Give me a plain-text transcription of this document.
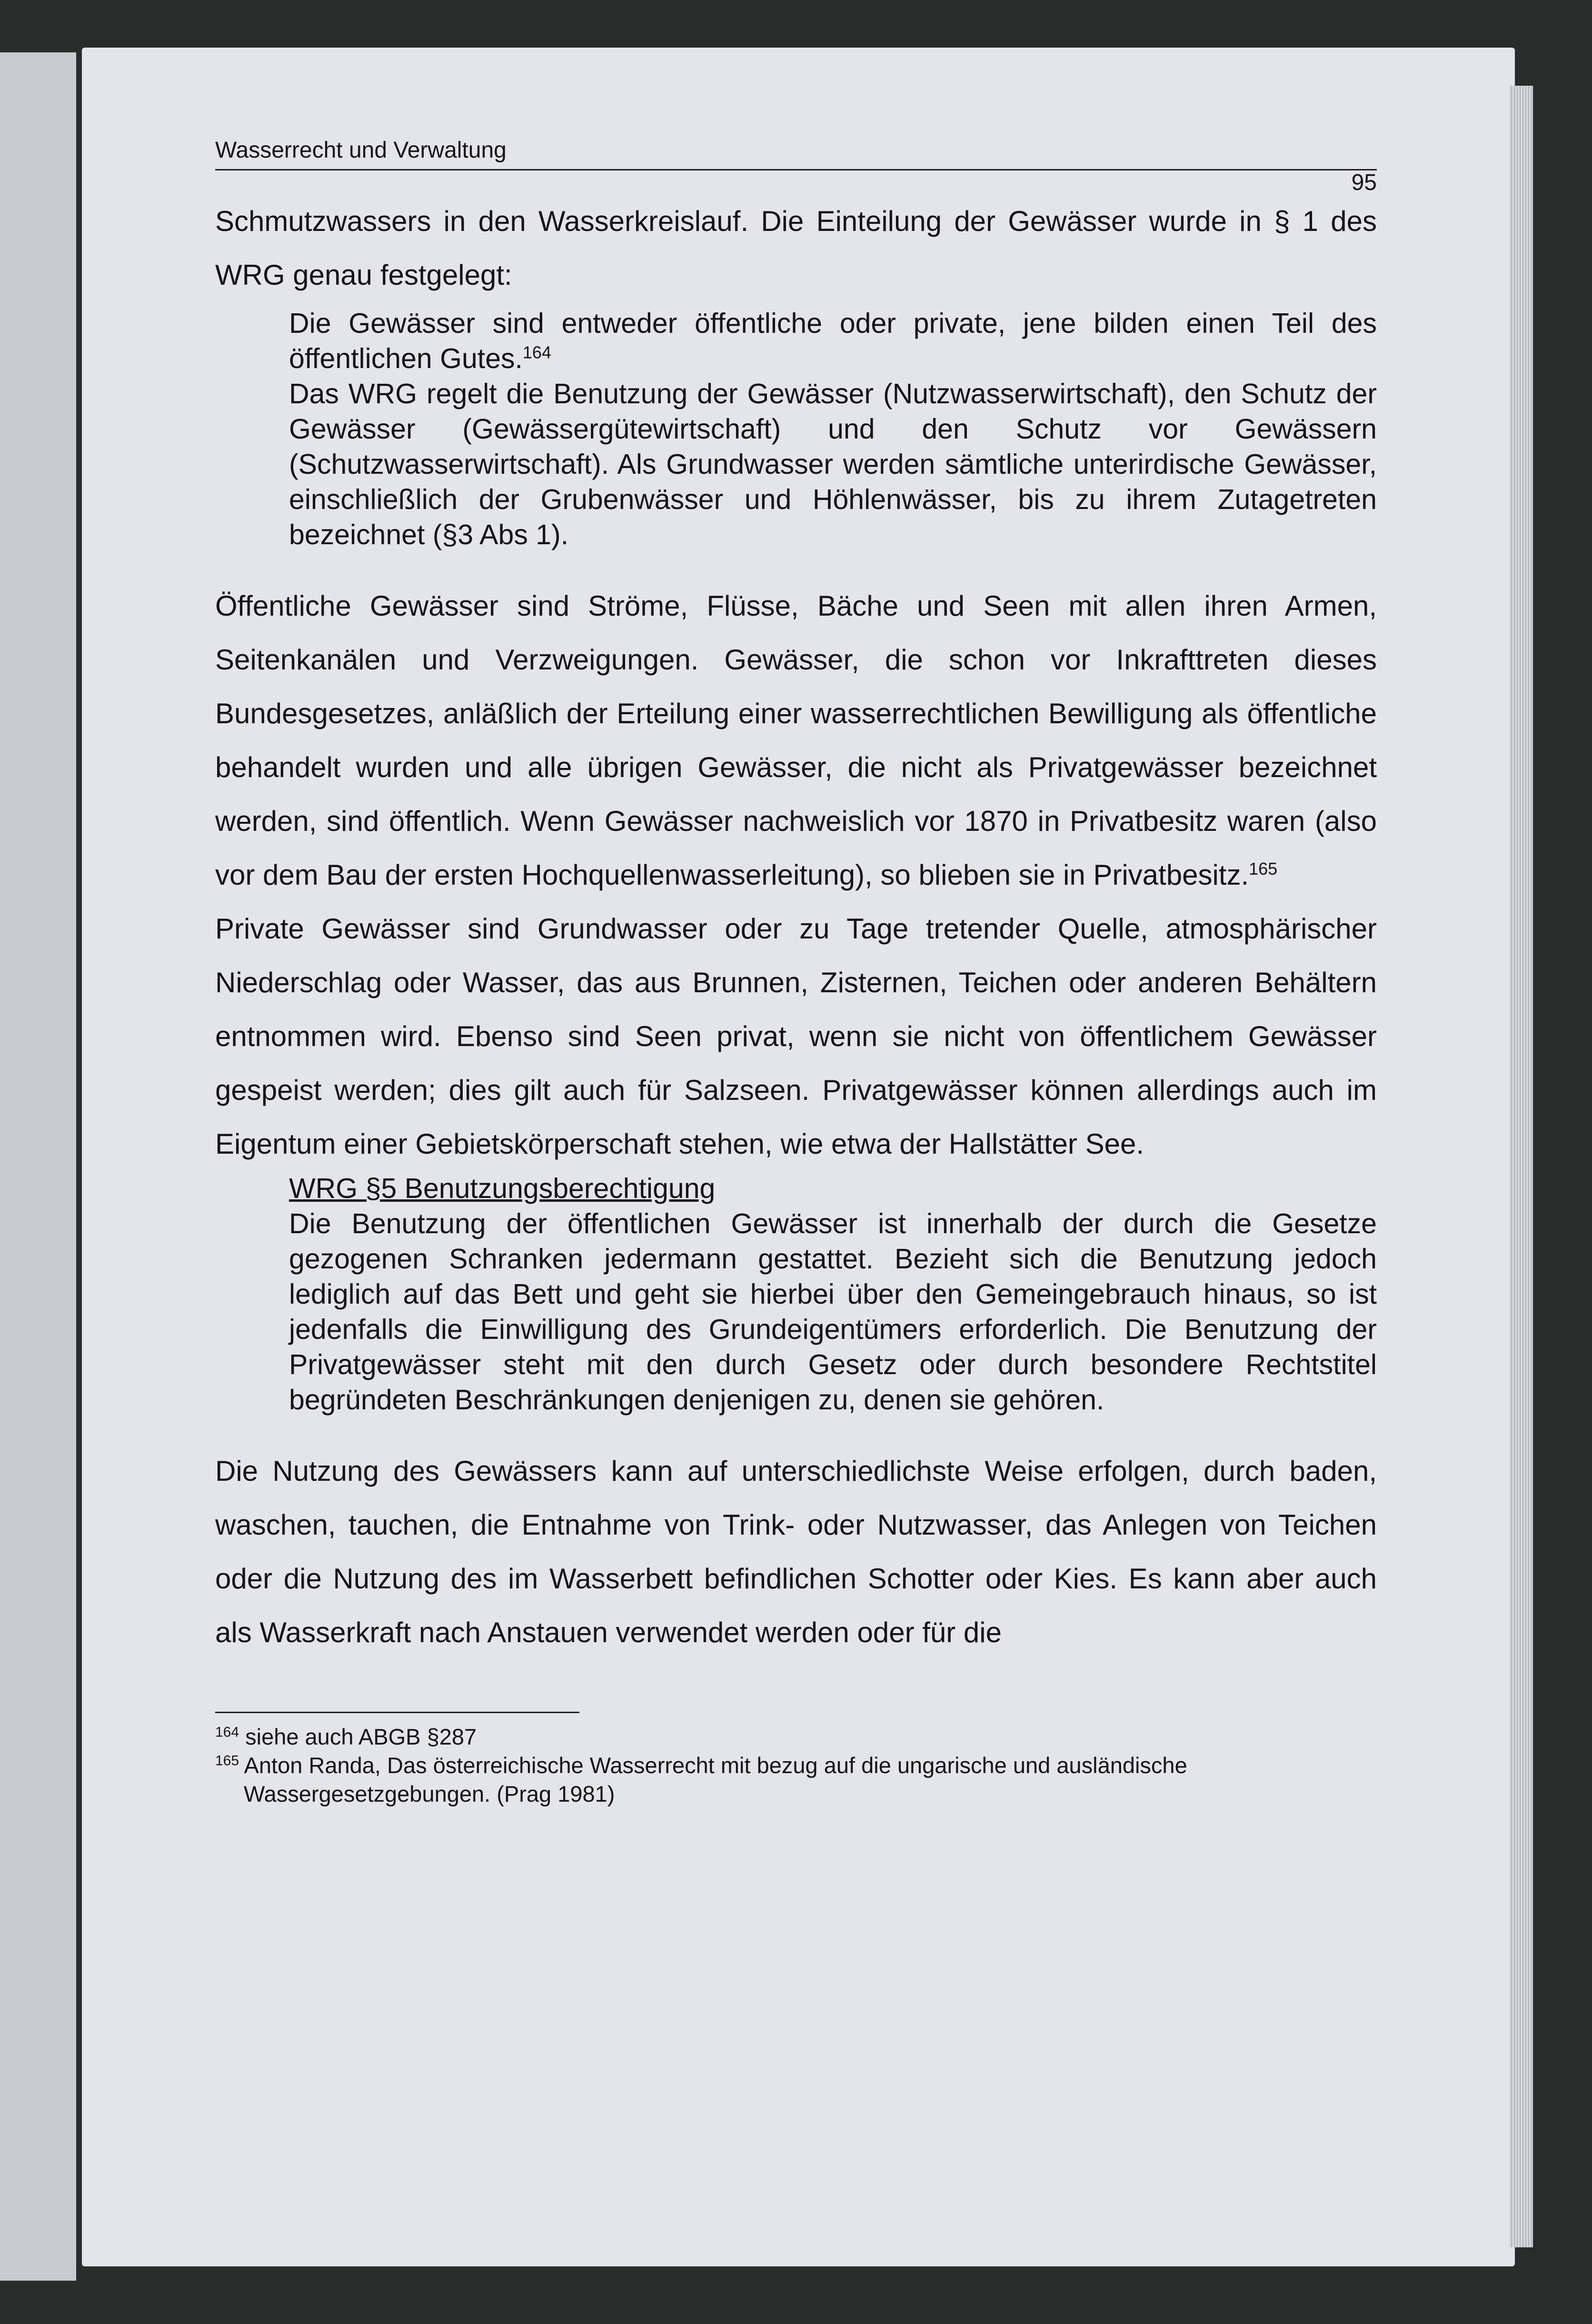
Wasserrecht und Verwaltung
95

Schmutzwassers in den Wasserkreislauf. Die Einteilung der Gewässer wurde in § 1 des WRG genau festgelegt:

Die Gewässer sind entweder öffentliche oder private, jene bilden einen Teil des öffentlichen Gutes.$^{164}$

Das WRG regelt die Benutzung der Gewässer (Nutzwasserwirtschaft), den Schutz der Gewässer (Gewässergütewirtschaft) und den Schutz vor Gewässern (Schutzwasserwirtschaft). Als Grundwasser werden sämtliche unterirdische Gewässer, einschließlich der Grubenwässer und Höhlenwässer, bis zu ihrem Zutagetreten bezeichnet (§3 Abs 1).

Öffentliche Gewässer sind Ströme, Flüsse, Bäche und Seen mit allen ihren Armen, Seitenkanälen und Verzweigungen. Gewässer, die schon vor Inkrafttreten dieses Bundesgesetzes, anläßlich der Erteilung einer wasserrechtlichen Bewilligung als öffentliche behandelt wurden und alle übrigen Gewässer, die nicht als Privatgewässer bezeichnet werden, sind öffentlich. Wenn Gewässer nachweislich vor 1870 in Privatbesitz waren (also vor dem Bau der ersten Hochquellenwasserleitung), so blieben sie in Privatbesitz.$^{165}$

Private Gewässer sind Grundwasser oder zu Tage tretender Quelle, atmosphärischer Niederschlag oder Wasser, das aus Brunnen, Zisternen, Teichen oder anderen Behältern entnommen wird. Ebenso sind Seen privat, wenn sie nicht von öffentlichem Gewässer gespeist werden; dies gilt auch für Salzseen. Privatgewässer können allerdings auch im Eigentum einer Gebietskörperschaft stehen, wie etwa der Hallstätter See.

WRG §5 Benutzungsberechtigung

Die Benutzung der öffentlichen Gewässer ist innerhalb der durch die Gesetze gezogenen Schranken jedermann gestattet. Bezieht sich die Benutzung jedoch lediglich auf das Bett und geht sie hierbei über den Gemeingebrauch hinaus, so ist jedenfalls die Einwilligung des Grundeigentümers erforderlich. Die Benutzung der Privatgewässer steht mit den durch Gesetz oder durch besondere Rechtstitel begründeten Beschränkungen denjenigen zu, denen sie gehören.

Die Nutzung des Gewässers kann auf unterschiedlichste Weise erfolgen, durch baden, waschen, tauchen, die Entnahme von Trink- oder Nutzwasser, das Anlegen von Teichen oder die Nutzung des im Wasserbett befindlichen Schotter oder Kies. Es kann aber auch als Wasserkraft nach Anstauen verwendet werden oder für die

$^{164}$ siehe auch ABGB §287

$^{165}$ Anton Randa, Das österreichische Wasserrecht mit bezug auf die ungarische und ausländische Wassergesetzgebungen. (Prag 1981)
